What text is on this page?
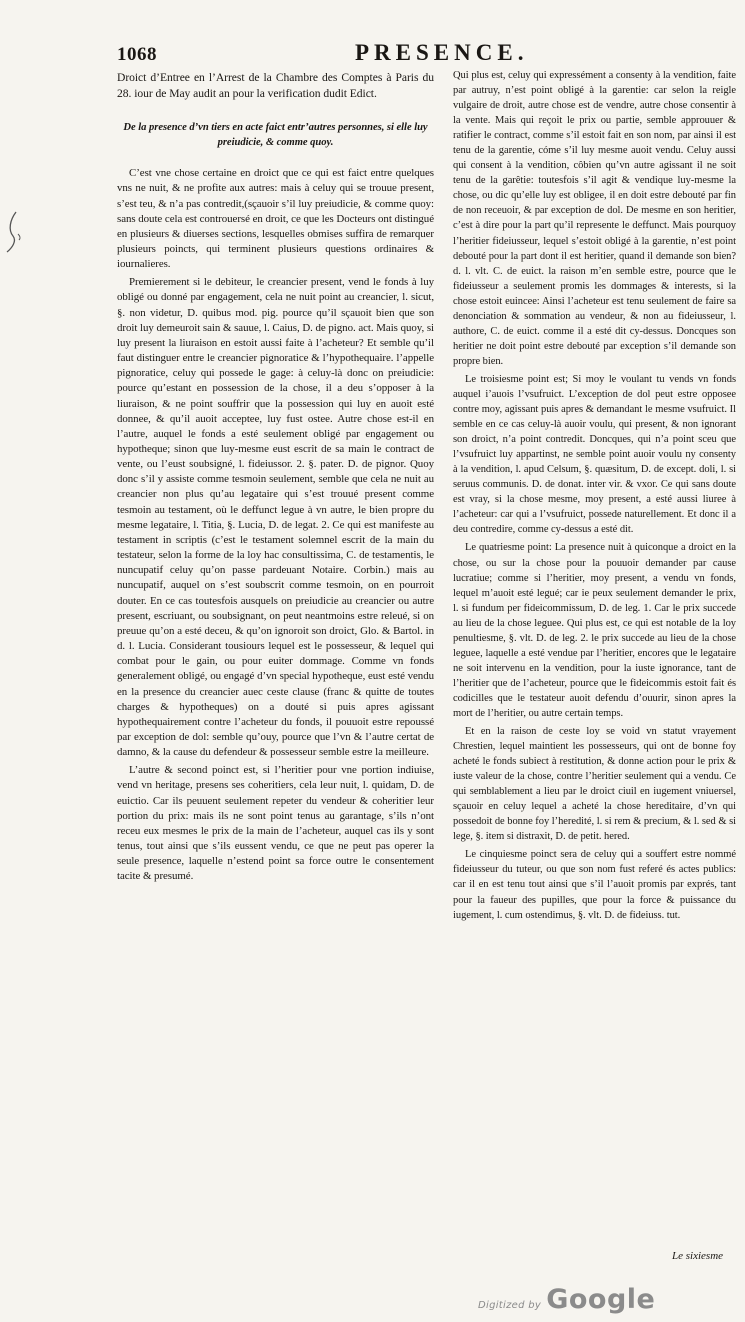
1068	PRESENCE.

Droict d’Entree en l’Arrest de la Chambre des Comptes à Paris du 28. iour de May audit an pour la verification dudit Edict.

De la presence d’vn tiers en acte faict entr’autres personnes, si elle luy preiudicie, & comme quoy.

C’est vne chose certaine en droict que ce qui est faict entre quelques vns ne nuit, & ne profite aux autres: mais à celuy qui se trouue present, s’est teu, & n’a pas contredit,(sçauoir s’il luy preiudicie, & comme quoy: sans doute cela est controuersé en droit, ce que les Docteurs ont distingué en plusieurs & diuerses sections, lesquelles obmises suffira de remarquer plusieurs poincts, qui terminent plusieurs questions ordinaires & iournalieres.

Premierement si le debiteur, le creancier present, vend le fonds à luy obligé ou donné par engagement, cela ne nuit point au creancier, l. sicut, §. non videtur, D. quibus mod. pig. pource qu’il sçauoit bien que son droit luy demeuroit sain & sauue, l. Caius, D. de pigno. act. Mais quoy, si luy present la liuraison en estoit aussi faite à l’acheteur? Et semble qu’il faut distinguer entre le creancier pignoratice & l’hypothequaire. l’appelle pignoratice, celuy qui possede le gage: à celuy-là donc on preiudicie: pource qu’estant en possession de la chose, il a deu s’opposer à la liuraison, & ne point souffrir que la possession qui luy en auoit esté donnee, & qu’il auoit acceptee, luy fust ostee. Autre chose est-il en l’autre, auquel le fonds a esté seulement obligé par engagement ou hypotheque; sinon que luy-mesme eust escrit de sa main le contract de vente, ou l’eust soubsigné, l. fideiussor. 2. §. pater. D. de pignor. Quoy donc s’il y assiste comme tesmoin seulement, semble que cela ne nuit au creancier non plus qu’au legataire qui s’est trouué present comme tesmoin au testament, où le deffunct legue à vn autre, le bien propre du mesme legataire, l. Titia, §. Lucia, D. de legat. 2. Ce qui est manifeste au testament in scriptis (c’est le testament solemnel escrit de la main du testateur, selon la forme de la loy hac consultissima, C. de testamentis, le nuncupatif celuy qu’on passe pardeuant Notaire. Corbin.) mais au nuncupatif, auquel on s’est soubscrit comme tesmoin, on en pourroit douter. En ce cas toutesfois ausquels on preiudicie au creancier ou autre present, escriuant, ou soubsignant, on peut neantmoins estre releué, si on preuue qu’on a esté deceu, & qu’on ignoroit son droict, Glo. & Bartol. in d. l. Lucia. Considerant tousiours lequel est le possesseur, & lequel qui combat pour le gain, ou pour euiter dommage. Comme vn fonds generalement obligé, ou engagé d’vn special hypotheque, eust esté vendu en la presence du creancier auec ceste clause (franc & quitte de toutes charges & hypotheques) on a douté si puis apres agissant hypothequairement contre l’acheteur du fonds, il pouuoit estre repoussé par exception de dol: semble qu’ouy, pource que l’vn & l’autre certat de damno, & la cause du defendeur & possesseur semble estre la meilleure.

L’autre & second poinct est, si l’heritier pour vne portion indiuise, vend vn heritage, presens ses coheritiers, cela leur nuit, l. quidam, D. de euictio. Car ils peuuent seulement repeter du vendeur & coheritier leur portion du prix: mais ils ne sont point tenus au garantage, s’ils n’ont receu eux mesmes le prix de la main de l’acheteur, auquel cas ils y sont tenus, tout ainsi que s’ils eussent vendu, ce que ne peut pas operer la seule presence, laquelle n’estend point sa force outre le consentement tacite & presumé.

Qui plus est, celuy qui expressément a consenty à la vendition, faite par autruy, n’est point obligé à la garentie: car selon la reigle vulgaire de droit, autre chose est de vendre, autre chose consentir à la vente. Mais qui reçoit le prix ou partie, semble approuuer & ratifier le contract, comme s’il estoit fait en son nom, par ainsi il est tenu de la garentie, cóme s’il luy mesme auoit vendu. Celuy aussi qui consent à la vendition, côbien qu’vn autre agissant il ne soit tenu de la garêtie: toutesfois s’il agit & vendique luy-mesme la chose, ou dic qu’elle luy est obligee, il en doit estre debouté par fin de non receuoir, & par exception de dol. De mesme en son heritier, c’est à dire pour la part qu’il represente le deffunct. Mais pourquoy l’heritier fideiusseur, lequel s’estoit obligé à la garentie, n’est point debouté pour la part dont il est heritier, quand il demande son bien? d. l. vlt. C. de euict. la raison m’en semble estre, pource que le fideiusseur a seulement promis les dommages & interests, si la chose estoit euincee: Ainsi l’acheteur est tenu seulement de faire sa denonciation & sommation au vendeur, & non au fideiusseur, l. authore, C. de euict. comme il a esté dit cy-dessus. Doncques son heritier ne doit point estre debouté par exception s’il demande son propre bien.

Le troisiesme point est; Si moy le voulant tu vends vn fonds auquel i’auois l’vsufruict. L’exception de dol peut estre opposee contre moy, agissant puis apres & demandant le mesme vsufruict. Il semble en ce cas celuy-là auoir voulu, qui present, & non ignorant son droict, n’a point contredit. Doncques, qui n’a point sceu que l’vsufruict luy appartinst, ne semble point auoir voulu ny consenty à la vendition, l. apud Celsum, §. quæsitum, D. de except. doli, l. si seruus communis. D. de donat. inter vir. & vxor. Ce qui sans doute est vray, si la chose mesme, moy present, a esté aussi liuree à l’acheteur: car qui a l’vsufruict, possede naturellement. Et donc il a deu contredire, comme cy-dessus a esté dit.

Le quatriesme point: La presence nuit à quiconque a droict en la chose, ou sur la chose pour la pouuoir demander par cause lucratiue; comme si l’heritier, moy present, a vendu vn fonds, lequel m’auoit esté legué; car ie peux seulement demander le prix, l. si fundum per fideicommissum, D. de leg. 1. Car le prix succede au lieu de la chose leguee. Qui plus est, ce qui est notable de la loy penultiesme, §. vlt. D. de leg. 2. le prix succede au lieu de la chose leguee, laquelle a esté vendue par l’heritier, encores que le legataire ne soit intervenu en la vendition, pour la iuste ignorance, tant de l’heritier que de l’acheteur, pource que le fideicommis estoit fait és codicilles que le testateur auoit defendu d’ouurir, sinon apres la mort de l’heritier, ou autre certain temps.

Et en la raison de ceste loy se void vn statut vrayement Chrestien, lequel maintient les possesseurs, qui ont de bonne foy acheté le fonds subiect à restitution, & donne action pour le prix & iuste valeur de la chose, contre l’heritier seulement qui a vendu. Ce qui semblablement a lieu par le droict ciuil en iugement vniuersel, sçauoir en celuy lequel a acheté la chose hereditaire, d’vn qui possedoit de bonne foy l’heredité, l. si rem & precium, & l. sed & si lege, §. item si distraxit, D. de petit. hered.

Le cinquiesme poinct sera de celuy qui a souffert estre nommé fideiusseur du tuteur, ou que son nom fust referé és actes publics: car il en est tenu tout ainsi que s’il l’auoit promis par exprés, tant pour la faueur des pupilles, que pour la force & puissance du iugement, l. cum ostendimus, §. vlt. D. de fideiuss. tut.

Le sixiesme
Digitized by Google
